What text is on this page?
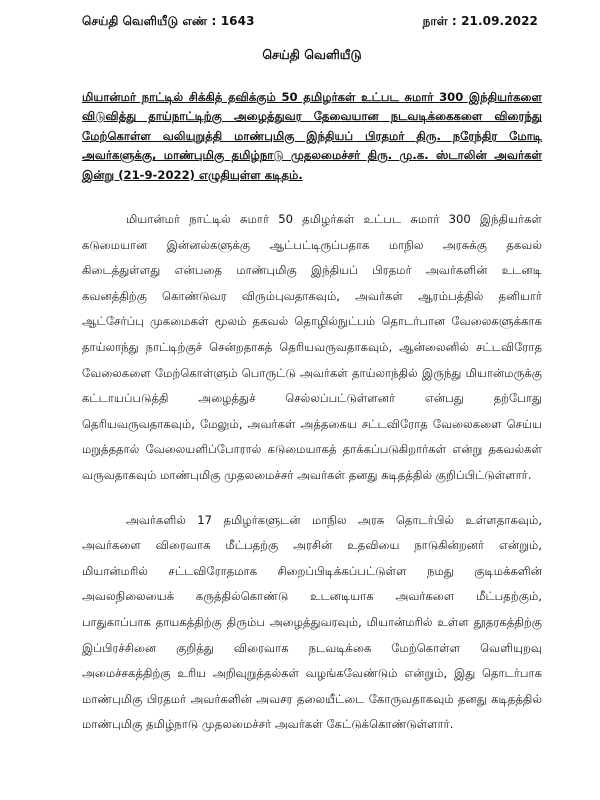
செய்தி வெளியீடு எண் : 1643	நாள் : 21.09.2022
செய்தி வெளியீடு
மியான்மர் நாட்டில் சிக்கித் தவிக்கும் 50 தமிழர்கள் உட்பட சுமார் 300 இந்தியர்களை விடுவித்து தாய்நாட்டிற்கு அழைத்துவர தேவையான நடவடிக்கைகளை விரைந்து மேற்கொள்ள வலியுறுத்தி மாண்புமிகு இந்தியப் பிரதமர் திரு. நரேந்திர மோடி அவர்களுக்கு, மாண்புமிகு தமிழ்நாடு முதலமைச்சர் திரு. மு.க. ஸ்டாலின் அவர்கள் இன்று (21-9-2022) எழுதியுள்ள கடிதம்.

மியான்மர் நாட்டில் சுமார் 50 தமிழர்கள் உட்பட சுமார் 300 இந்தியர்கள் கடுமையான இன்னல்களுக்கு ஆட்பட்டிருப்பதாக மாநில அரசுக்கு தகவல் கிடைத்துள்ளது என்பதை மாண்புமிகு இந்தியப் பிரதமர் அவர்களின் உடனடி கவனத்திற்கு கொண்டுவர விரும்புவதாகவும், அவர்கள் ஆரம்பத்தில் தனியார் ஆட்சேர்ப்பு முகமைகள் மூலம் தகவல் தொழில்நுட்பம் தொடர்பான வேலைகளுக்காக தாய்லாந்து நாட்டிற்குச் சென்றதாகத் தெரியவருவதாகவும், ஆன்லைனில் சட்டவிரோத வேலைகளை மேற்கொள்ளும் பொருட்டு அவர்கள் தாய்லாந்தில் இருந்து மியான்மருக்கு கட்டாயப்படுத்தி அழைத்துச் செல்லப்பட்டுள்ளனர் என்பது தற்போது தெரியவருவதாகவும், மேலும், அவர்கள் அத்தகைய சட்டவிரோத வேலைகளை செய்ய மறுத்ததால் வேலையளிப்போரால் கடுமையாகத் தாக்கப்படுகிறார்கள் என்று தகவல்கள் வருவதாகவும் மாண்புமிகு முதலமைச்சர் அவர்கள் தனது கடிதத்தில் குறிப்பிட்டுள்ளார்.

அவர்களில் 17 தமிழர்களுடன் மாநில அரசு தொடர்பில் உள்ளதாகவும், அவர்களை விரைவாக மீட்பதற்கு அரசின் உதவியை நாடுகின்றனர் என்றும், மியான்மரில் சட்டவிரோதமாக சிறைப்பிடிக்கப்பட்டுள்ள நமது குடிமக்களின் அவலநிலையைக் கருத்தில்கொண்டு உடனடியாக அவர்களை மீட்பதற்கும், பாதுகாப்பாக தாயகத்திற்கு திரும்ப அழைத்துவரவும், மியான்மரில் உள்ள தூதரகத்திற்கு இப்பிரச்சினை குறித்து விரைவாக நடவடிக்கை மேற்கொள்ள வெளியுறவு அமைச்சகத்திற்கு உரிய அறிவுறுத்தல்கள் வழங்கவேண்டும் என்றும், இது தொடர்பாக மாண்புமிகு பிரதமர் அவர்களின் அவசர தலையீட்டை கோருவதாகவும் தனது கடிதத்தில் மாண்புமிகு தமிழ்நாடு முதலமைச்சர் அவர்கள் கேட்டுக்கொண்டுள்ளார்.
